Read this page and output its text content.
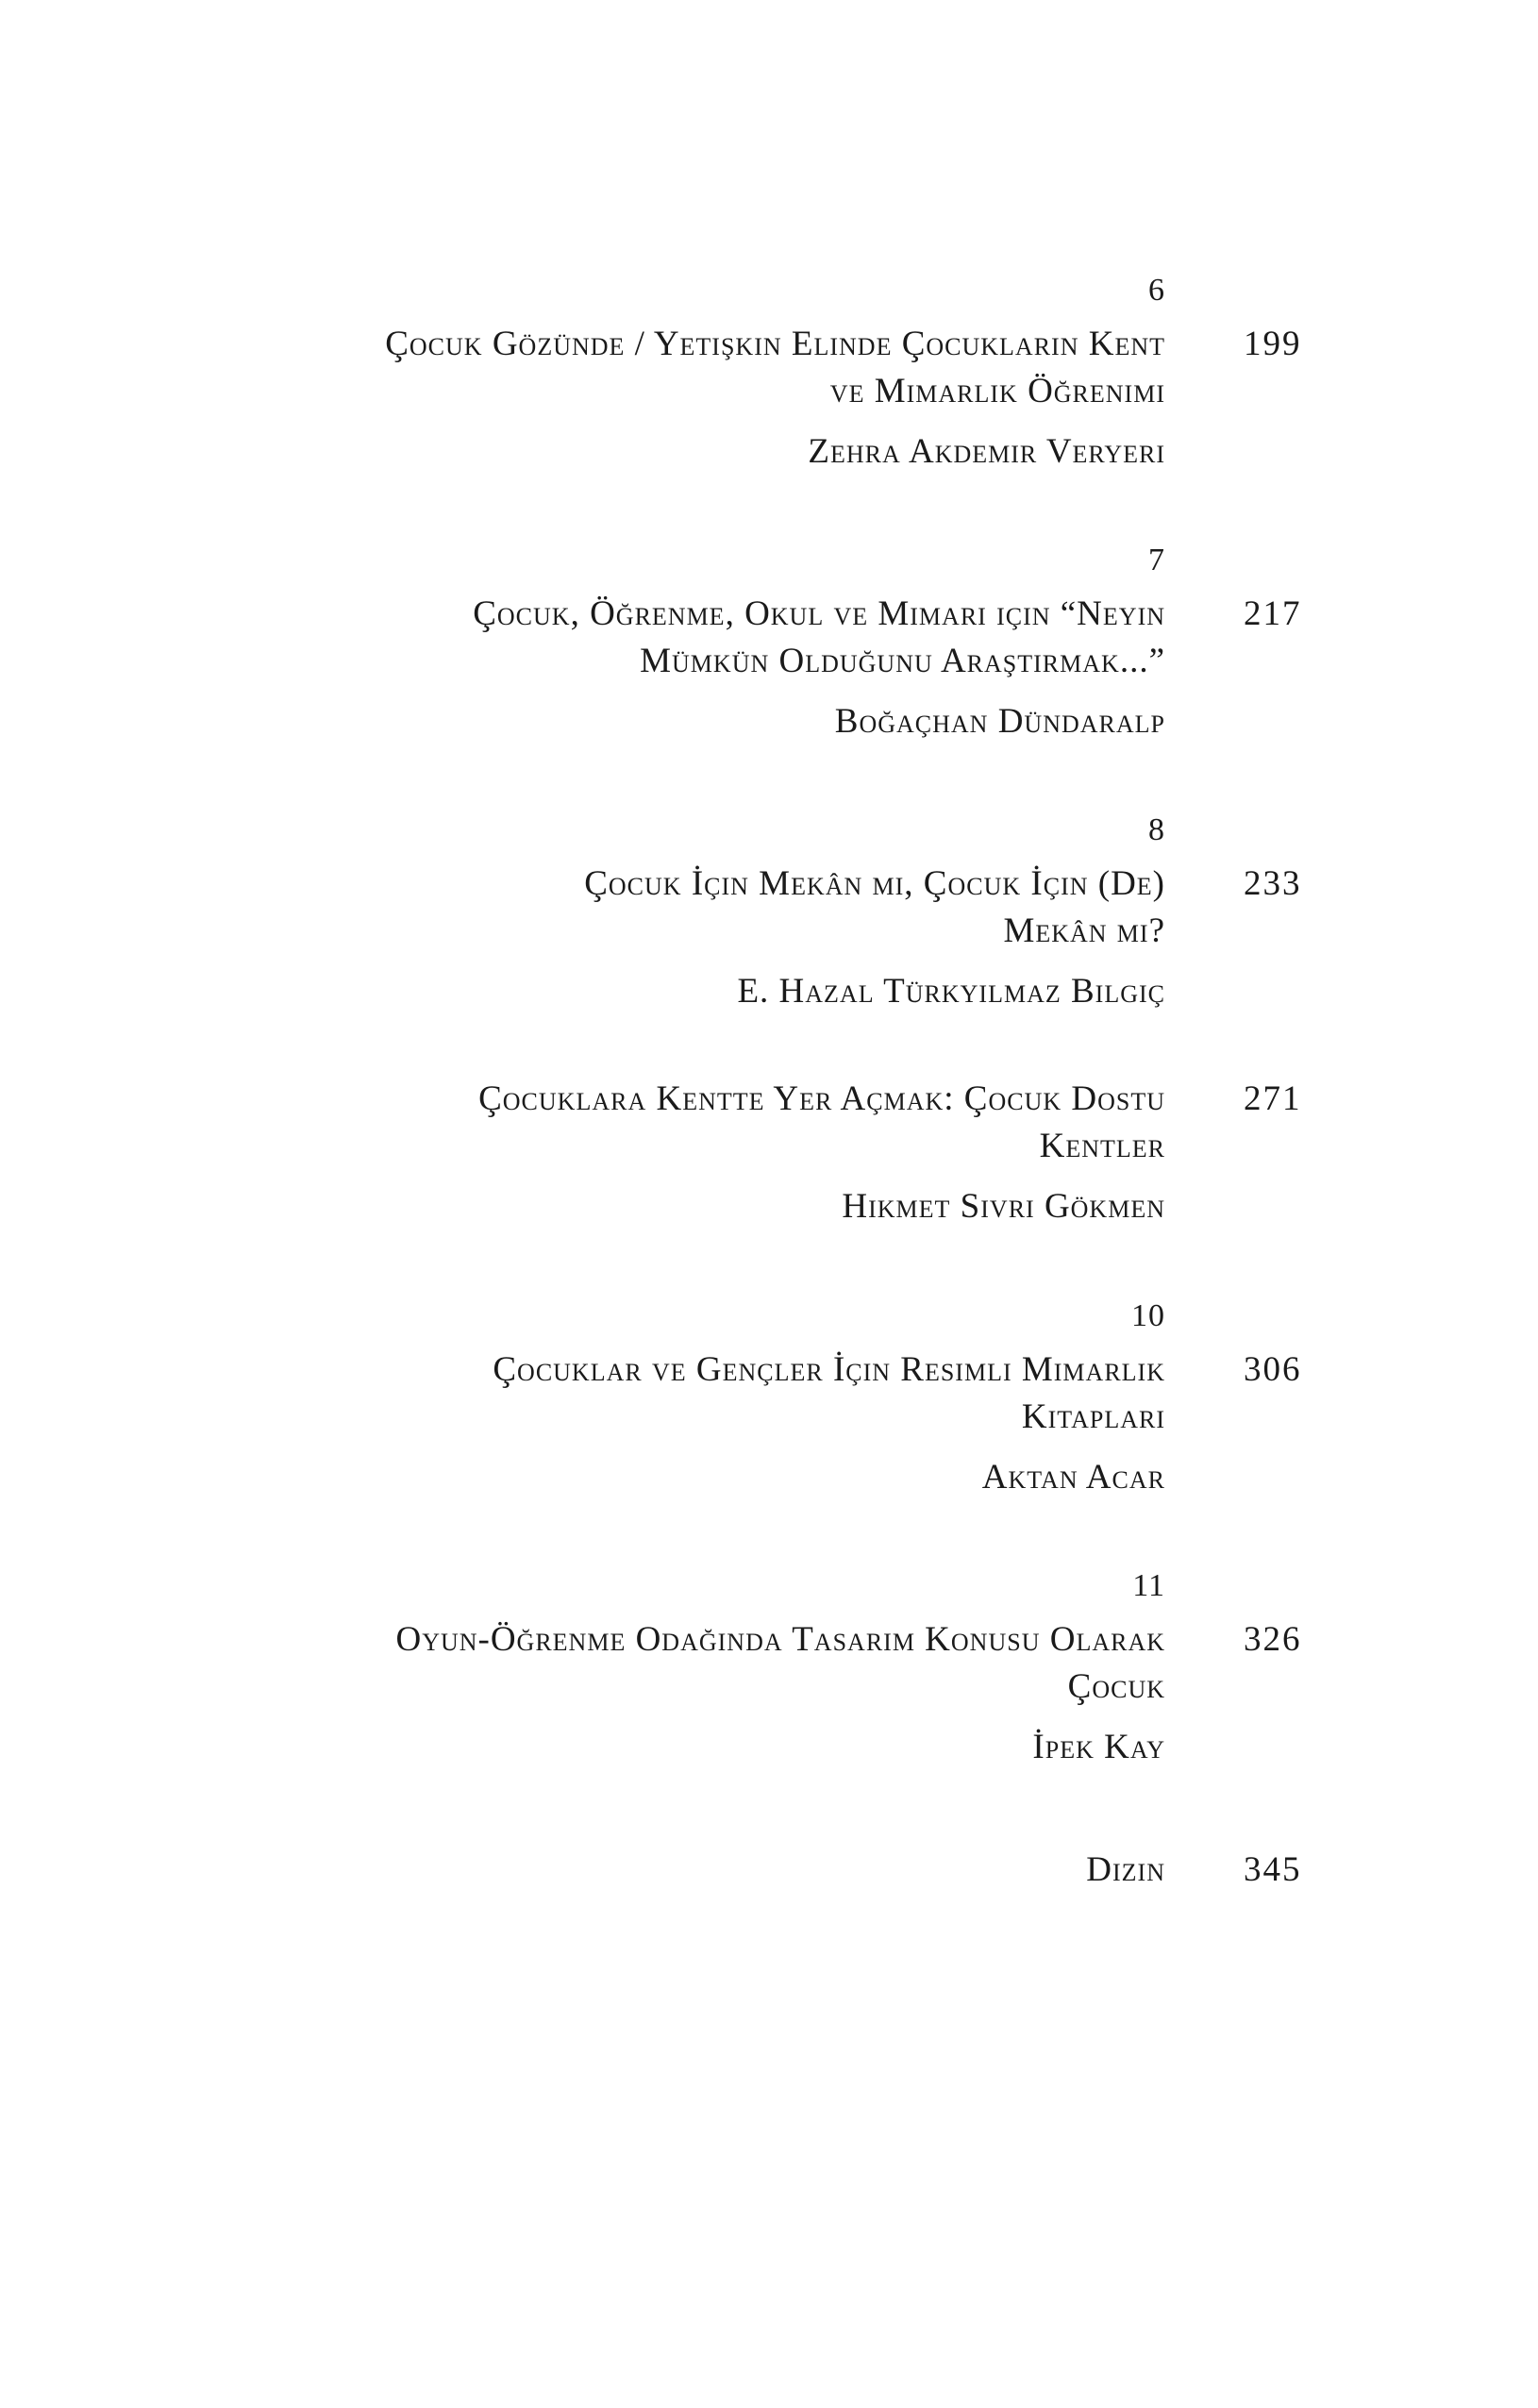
6
Çocuk Gözünde / Yetişkin Elinde Çocukların Kent
ve Mimarlık Öğrenimi
Zehra Akdemir Veryeri
199
7
Çocuk, Öğrenme, Okul ve Mimari için “Neyin
Mümkün Olduğunu Araştırmak...”
Boğaçhan Dündaralp
217
8
Çocuk İçin Mekân mı, Çocuk İçin (De)
Mekân mı?
E. Hazal Türkyılmaz Bilgiç
233
Çocuklara Kentte Yer Açmak: Çocuk Dostu
Kentler
Hikmet Sivri Gökmen
271
10
Çocuklar ve Gençler İçin Resimli Mimarlık
Kitapları
Aktan Acar
306
11
Oyun-Öğrenme Odağında Tasarım Konusu Olarak
Çocuk
İpek Kay
326
Dizin 345
